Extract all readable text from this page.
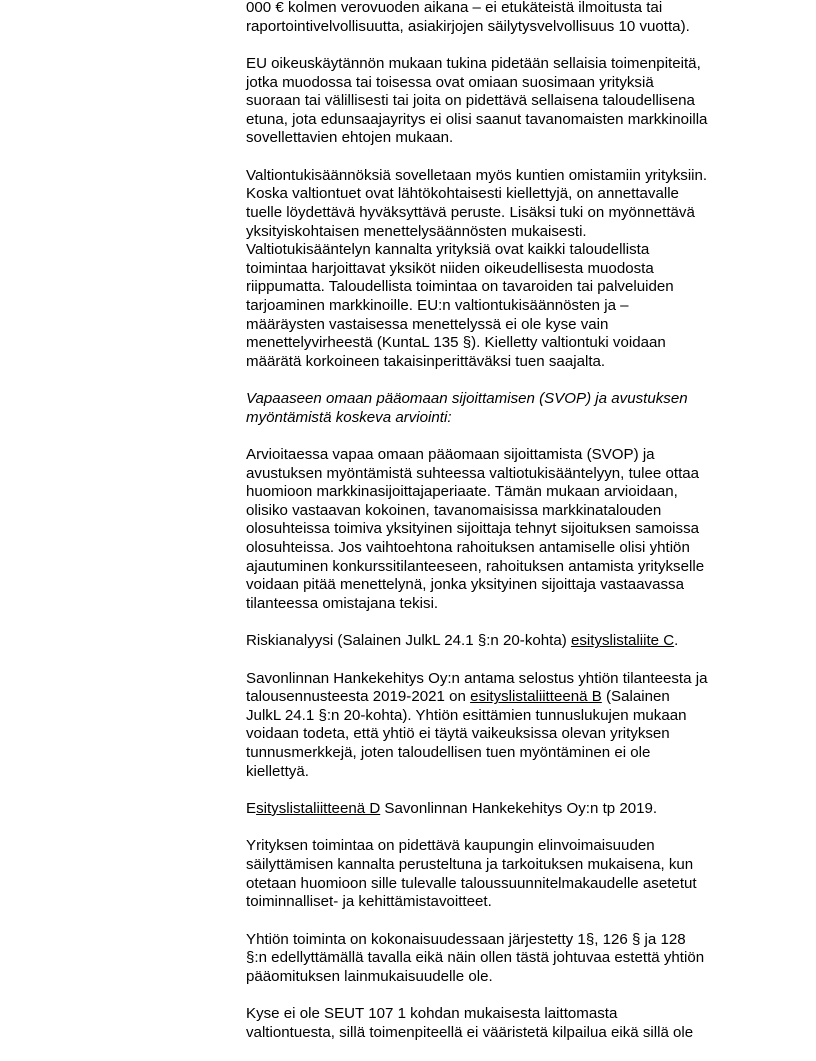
000 € kolmen verovuoden aikana – ei etukäteistä ilmoitusta tai
raportointivelvollisuutta, asiakirjojen säilytysvelvollisuus 10 vuotta).
EU oikeuskäytännön mukaan tukina pidetään sellaisia toimenpiteitä,
jotka muodossa tai toisessa ovat omiaan suosimaan yrityksiä
suoraan tai välillisesti tai joita on pidettävä sellaisena taloudellisena
etuna, jota edunsaajayritys ei olisi saanut tavanomaisten markkinoilla
sovellettavien ehtojen mukaan.
Valtiontukisäännöksiä sovelletaan myös kuntien omistamiin yrityksiin.
Koska valtiontuet ovat lähtökohtaisesti kiellettyjä, on annettavalle
tuelle löydettävä hyväksyttävä peruste. Lisäksi tuki on myönnettävä
yksityiskohtaisen menettelysäännösten mukaisesti.
Valtiotukisääntelyn kannalta yrityksiä ovat kaikki taloudellista
toimintaa harjoittavat yksiköt niiden oikeudellisesta muodosta
riippumatta. Taloudellista toimintaa on tavaroiden tai palveluiden
tarjoaminen markkinoille. EU:n valtiontukisäännösten ja –
määräysten vastaisessa menettelyssä ei ole kyse vain
menettelyvirheestä (KuntaL 135 §). Kielletty valtiontuki voidaan
määrätä korkoineen takaisinperittäväksi tuen saajalta.
Vapaaseen omaan pääomaan sijoittamisen (SVOP) ja avustuksen
myöntämistä koskeva arviointi:
Arvioitaessa vapaa omaan pääomaan sijoittamista (SVOP) ja
avustuksen myöntämistä suhteessa valtiotukisääntelyyn, tulee ottaa
huomioon markkinasijoittajaperiaate. Tämän mukaan arvioidaan,
olisiko vastaavan kokoinen, tavanomaisissa markkinatalouden
olosuhteissa toimiva yksityinen sijoittaja tehnyt sijoituksen samoissa
olosuhteissa. Jos vaihtoehtona rahoituksen antamiselle olisi yhtiön
ajautuminen konkurssitilanteeseen, rahoituksen antamista yritykselle
voidaan pitää menettelynä, jonka yksityinen sijoittaja vastaavassa
tilanteessa omistajana tekisi.
Riskianalyysi (Salainen JulkL 24.1 §:n 20-kohta) esityslistaliite C.
Savonlinnan Hankekehitys Oy:n antama selostus yhtiön tilanteesta ja
talousennusteesta 2019-2021 on esityslistaliitteenä B (Salainen
JulkL 24.1 §:n 20-kohta). Yhtiön esittämien tunnuslukujen mukaan
voidaan todeta, että yhtiö ei täytä vaikeuksissa olevan yrityksen
tunnusmerkkejä, joten taloudellisen tuen myöntäminen ei ole
kiellettyä.
Esityslistaliitteenä D Savonlinnan Hankekehitys Oy:n tp 2019.
Yrityksen toimintaa on pidettävä kaupungin elinvoimaisuuden
säilyttämisen kannalta perusteltuna ja tarkoituksen mukaisena, kun
otetaan huomioon sille tulevalle taloussuunnitelmakaudelle asetetut
toiminnalliset- ja kehittämistavoitteet.
Yhtiön toiminta on kokonaisuudessaan järjestetty 1§, 126 § ja 128
§:n edellyttämällä tavalla eikä näin ollen tästä johtuvaa estettä yhtiön
pääomituksen lainmukaisuudelle ole.
Kyse ei ole SEUT 107 1 kohdan mukaisesta laittomasta
valtiontuesta, sillä toimenpiteellä ei vääristetä kilpailua eikä sillä ole
